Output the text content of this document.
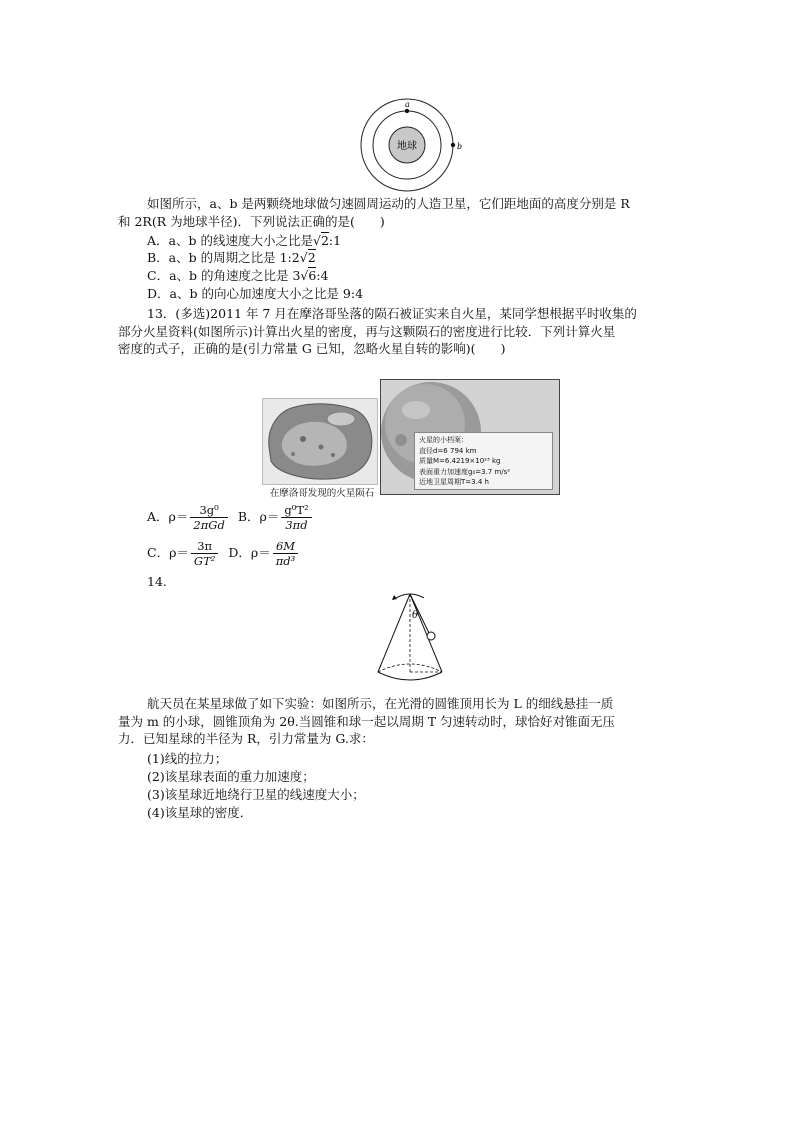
地球
a
b
如图所示，a、b 是两颗绕地球做匀速圆周运动的人造卫星，它们距地面的高度分别是 R
和 2R(R 为地球半径)．下列说法正确的是(　　)
A．a、b 的线速度大小之比是√2:1
B．a、b 的周期之比是 1:2√2
C．a、b 的角速度之比是 3√6:4
D．a、b 的向心加速度大小之比是 9:4
13．(多选)2011 年 7 月在摩洛哥坠落的陨石被证实来自火星，某同学想根据平时收集的
部分火星资料(如图所示)计算出火星的密度，再与这颗陨石的密度进行比较．下列计算火星
密度的式子，正确的是(引力常量 G 已知，忽略火星自转的影响)(　　)
在摩洛哥发现的火星陨石
火星的小档案：
直径d=6 794 km
质量M=6.4219×10²³ kg
表面重力加速度g₀=3.7 m/s²
近地卫星周期T=3.4 h
A．$\rho= \frac{\text{3g⁰}}{\text{2πGd}}$ B．$\rho= \frac{\text{g⁰T²}}{3\pi d}$
C．$\rho= \frac{3\pi}{\text{GT²}}$ D．$\rho= \frac{6M}{\text{πd³}}$
14.
θ
航天员在某星球做了如下实验：如图所示，在光滑的圆锥顶用长为 L 的细线悬挂一质
量为 m 的小球，圆锥顶角为 2θ.当圆锥和球一起以周期 T 匀速转动时，球恰好对锥面无压
力．已知星球的半径为 R，引力常量为 G.求：
(1)线的拉力；
(2)该星球表面的重力加速度；
(3)该星球近地绕行卫星的线速度大小；
(4)该星球的密度．
